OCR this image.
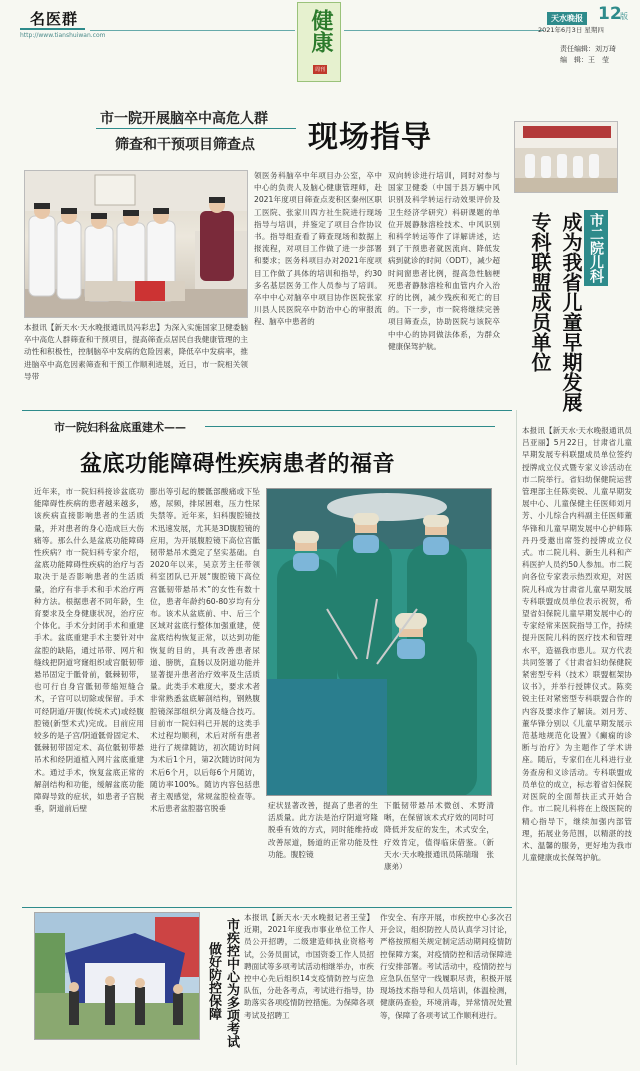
名医群
http://www.tianshuiwan.com	健康
周刊
天水晚报 12
版
2021年6月3日 星期四
责任编辑：刘万琦
编　辑：王　莹
市一院开展脑卒中高危人群
筛查和干预项目筛查点 现场指导
本报讯【新天水·天水晚报通讯员冯彩忠】为深入实施国家卫健委脑卒中高危人群筛查和干预项目，提高筛查点居民自我健康管理的主动性和积极性，控制脑卒中发病的危险因素，降低卒中发病率，推进脑卒中高危因素筛查和干预工作顺利进展，近日，市一院相关领导带
领医务科脑卒中年项目办公室，卒中中心的负责人及脑心健康管理师，赴2021年度项目筛查点麦积区秦州区职工医院、张家川四方社生院进行现场指导与培训，并鉴定了项目合作协议书。指导组查看了筛查现场和数据上报流程，对项目工作做了进一步部署和要求；医务科项目办对2021年度项目工作做了具体的培训和指导，约30多名基层医务工作人员参与了培训。卒中中心对脑卒中项目协作医院张家川县人民医院卒中防治中心的审报流程、脑卒中患者的
双向转诊进行培训，同时对参与国家卫健委（中国于县万辆中风识别及科学转运行动效果评价及卫生经济学研究）科研课题的单位开展静脉溶栓技术、中风识别和科学转运等作了详解讲述，达到了干预患者就医流向、降低发病到就诊的时间（ODT），减少超时间窗患者比例，提高急性脑梗死患者静脉溶栓和血管内介入治疗的比例，减少残疾和死亡的目的。下一步，市一院将继续完善项目筛查点，协助医院与该院卒中中心的协同做法体系，为群众健康保驾护航。
市二院儿科
成为我省儿童早期发展
专科联盟成员单位
本报讯【新天水·天水晚报通讯员吕亚丽】5月22日，甘肃省儿童早期发展专科联盟成员单位签约授牌成立仪式暨专家义诊活动在市二院举行。省妇幼保健院运营管理部主任陈奕锐、儿童早期发展中心、儿童保健主任医师刘月芳、小儿综合内科副主任医师董华锋和儿童早期发展中心护师陈丹丹受邀出席签约授牌成立仪式。市二院儿科、新生儿科和产科医护人员约50人参加。市二院向各位专家表示热烈欢迎，对医院儿科成为甘肃省儿童早期发展专科联盟成员单位表示祝贺，希望省妇保院儿童早期发展中心的专家经常来医院指导工作，持续提升医院儿科的医疗技术和管理水平，造福我市患儿。双方代表共同签署了《甘肃省妇幼保健院紧密型专科（技术）联盟框架协议书》，并举行授牌仪式。陈奕锐主任对紧密型专科联盟合作的内容及要求作了解读。刘月芳、董华锋分别以《儿童早期发展示范基地规范化设置》《癫痫的诊断与治疗》为主题作了学术讲座。随后，专家们在儿科进行业务查房和义诊活动。专科联盟成员单位的成立，标志着省妇保院对医院的全面帮扶正式开始合作。市二院儿科将在上级医院的精心指导下，继续加强内部管理，拓展业务范围，以精湛的技术、温馨的服务，更好地为我市儿童健康成长保驾护航。
市一院妇科盆底重建术——
盆底功能障碍性疾病患者的福音
近年来，市一院妇科接诊盆底功能障碍性疾病的患者越来越多，该疾病直接影响患者的生活质量，并对患者的身心造成巨大伤痛等。那么什么是盆底功能障碍性疾病？市一院妇科专家介绍，盆底功能障碍性疾病的治疗与否取决于是否影响患者的生活质量，治疗有非手术和手术治疗两种方法。根据患者不同年龄，生育要求及全身健康状况，治疗应个体化。手术分封闭手术和重建手术。盆底重建手术主要针对中盆腔的缺陷，通过吊带、网片和缝线把阴道穹窿组织或宫骶韧带悬吊固定于骶骨前，骶棘韧带，也可行自身宫骶韧带缩短缝合术，子宫可以切除或保留。手术可经阴道/开腹(传统术式)或经腹腔镜(新型术式)完成。目前应用较多的是子宫/阴道骶骨固定术、骶棘韧带固定术、高位骶韧带悬吊术和经阴道植入网片盆底重建术。通过手术，恢复盆底正常的解剖结构和功能，缓解盆底功能障碍导致的症状，如患者子宫脱垂，阴道前后壁
膨出等引起的腰骶部酸痛或下坠感，尿频，排尿困难，压力性尿失禁等。近年来，妇科腹腔镜技术迅速发展，尤其是3D腹腔镜的应用，为开展腹腔镜下高位宫骶韧带悬吊术奠定了坚实基础。自2020年以来，吴京芳主任带领科室团队已开展“腹腔镜下高位宫骶韧带悬吊术”的女性有数十位，患者年龄约60-80岁均有分布。该术从盆底前、中、后三个区域对盆底行整体加强重建，使盆底结构恢复正常，以达到功能恢复的目的，具有改善患者尿道、膀胱，直肠以及阴道功能并显著提升患者治疗效率及生活质量。此类手术难度大，要求术者非常熟悉盆底解剖结构，钢熟腹腔镜深部组织分离及缝合技巧。目前市一院妇科已开展的这类手术过程均顺利，术后对所有患者进行了规律随访，初次随访时间为术后1个月，第2次随访时间为术后6个月，以后每6个月随访，随访率100%。随访内容包括患者主观感觉，常规盆腔检查等。术后患者盆腔器官脱垂	症状显著改善，提高了患者的生活质量。此方法是治疗阴道穹隆脱垂有效的方式，同时能维持或改善尿道，肠道的正常功能及性功能。腹腔镜
下骶韧带悬吊术微创、术野清晰，在保留该术式疗效的同时可降低并发症的发生，术式安全，疗效肯定，值得临床借鉴。（新天水·天水晚报通讯员陈瑞瑞　张康弟）
市疾控中心为多项考试
做好防控保障
本报讯【新天水·天水晚报记者王莹】近期，2021年度我市事业单位工作人员公开招聘，二级建造师执业资格考试，公务员面试，市国资委工作人员招聘面试等多项考试活动相继举办，市疾控中心先后组织14支疫情防控与应急队伍，分赴各考点，考试进行指导，协助落实各项疫情防控措施。为保障各项考试及招聘工
作安全、有序开展，市疾控中心多次召开会议，组织防控人员认真学习讨论，严格按照相关规定制定活动期间疫情防控保障方案，对疫情防控和活动保障进行安排部署。考试活动中，疫情防控与应急队伍坚守一线履职尽责，积极开展现场技术指导和人员培训，体温检测，健康码查验，环境消毒，异常情况处置等，保障了各项考试工作顺利进行。
